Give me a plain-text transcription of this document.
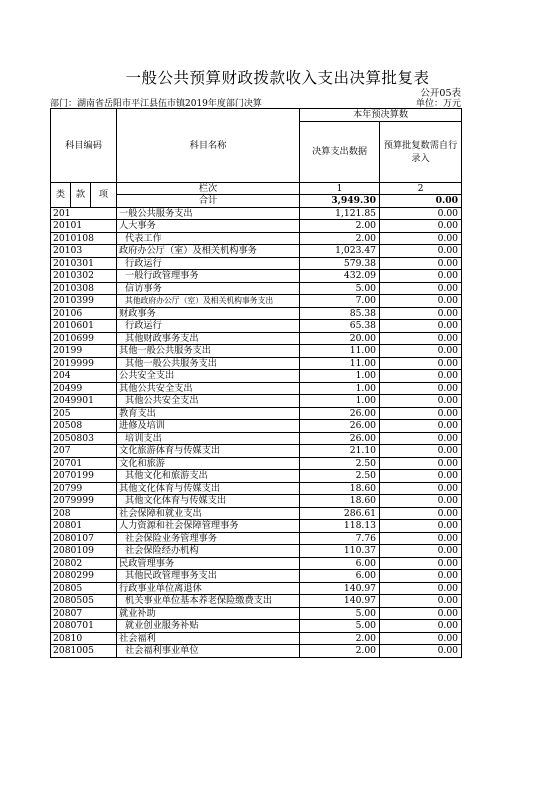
一般公共预算财政拨款收入支出决算批复表
公开05表
部门：湖南省岳阳市平江县伍市镇2019年度部门决算	单位：万元
科目编码			科目名称	本年预决算数	
				决算支出数据	预算批复数需自行录入
类	款	项	栏次	1	2
			合计	3,949.30	0.00
201			一般公共服务支出	1,121.85	0.00
20101			人大事务	2.00	0.00
2010108			代表工作	2.00	0.00
20103			政府办公厅（室）及相关机构事务	1,023.47	0.00
2010301			行政运行	579.38	0.00
2010302			一般行政管理事务	432.09	0.00
2010308			信访事务	5.00	0.00
2010399			其他政府办公厅（室）及相关机构事务支出	7.00	0.00
20106			财政事务	85.38	0.00
2010601			行政运行	65.38	0.00
2010699			其他财政事务支出	20.00	0.00
20199			其他一般公共服务支出	11.00	0.00
2019999			其他一般公共服务支出	11.00	0.00
204			公共安全支出	1.00	0.00
20499			其他公共安全支出	1.00	0.00
2049901			其他公共安全支出	1.00	0.00
205			教育支出	26.00	0.00
20508			进修及培训	26.00	0.00
2050803			培训支出	26.00	0.00
207			文化旅游体育与传媒支出	21.10	0.00
20701			文化和旅游	2.50	0.00
2070199			其他文化和旅游支出	2.50	0.00
20799			其他文化体育与传媒支出	18.60	0.00
2079999			其他文化体育与传媒支出	18.60	0.00
208			社会保障和就业支出	286.61	0.00
20801			人力资源和社会保障管理事务	118.13	0.00
2080107			社会保险业务管理事务	7.76	0.00
2080109			社会保险经办机构	110.37	0.00
20802			民政管理事务	6.00	0.00
2080299			其他民政管理事务支出	6.00	0.00
20805			行政事业单位离退休	140.97	0.00
2080505			机关事业单位基本养老保险缴费支出	140.97	0.00
20807			就业补助	5.00	0.00
2080701			就业创业服务补贴	5.00	0.00
20810			社会福利	2.00	0.00
2081005			社会福利事业单位	2.00	0.00
